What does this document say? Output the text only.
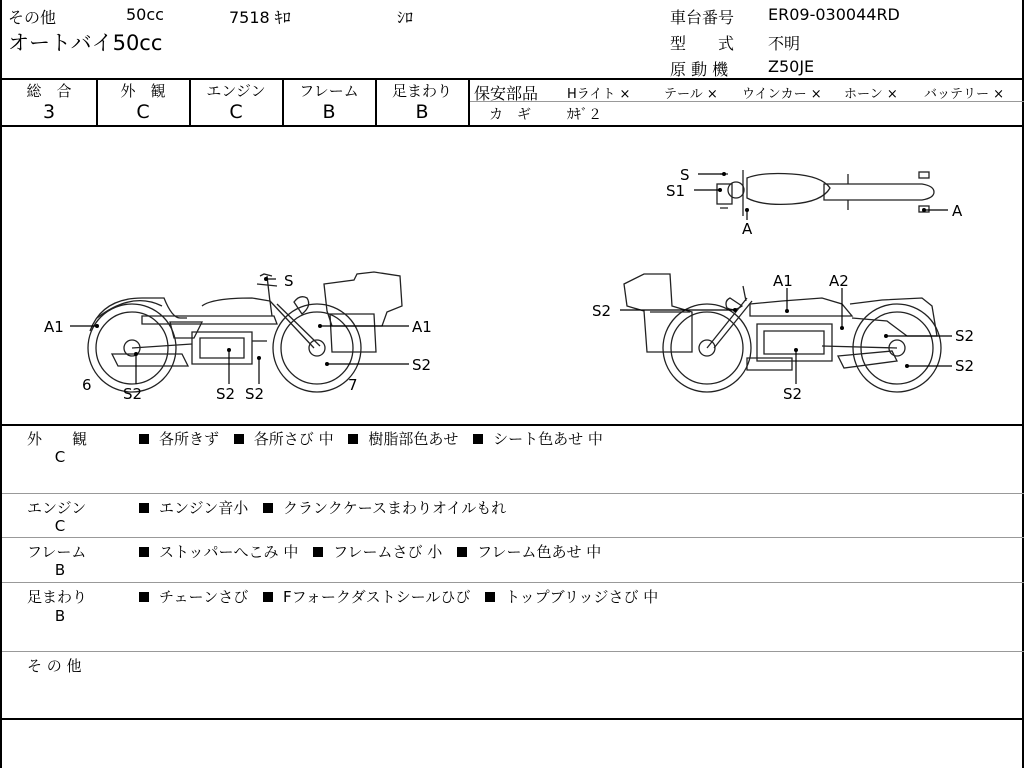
その他	50cc	7518 ｷﾛ	ｼﾛ
オートバイ50cc
車台番号 ER09-030044RD
型　　式 不明
原 動 機 Z50JE
総　合
3
外　観
C
エンジン
C
フレーム
B
足まわり
B
保安部品 Hライト ×	テール × ウインカー × ホーン × バッテリー ×
カ　ギ	ｶｷﾞ２
S
A1	A1
S2
6 S2	S2 S2	7
S2
A1 A2
S2
S2
S2
S
S1
A
A
外　　観
C
各所きず 各所さび 中 樹脂部色あせ シート色あせ 中
エンジン
C
エンジン音小 クランクケースまわりオイルもれ
フレーム
B
ストッパーへこみ 中 フレームさび 小 フレーム色あせ 中
足まわり
B
チェーンさび Fフォークダストシールひび トップブリッジさび 中
そ の 他
